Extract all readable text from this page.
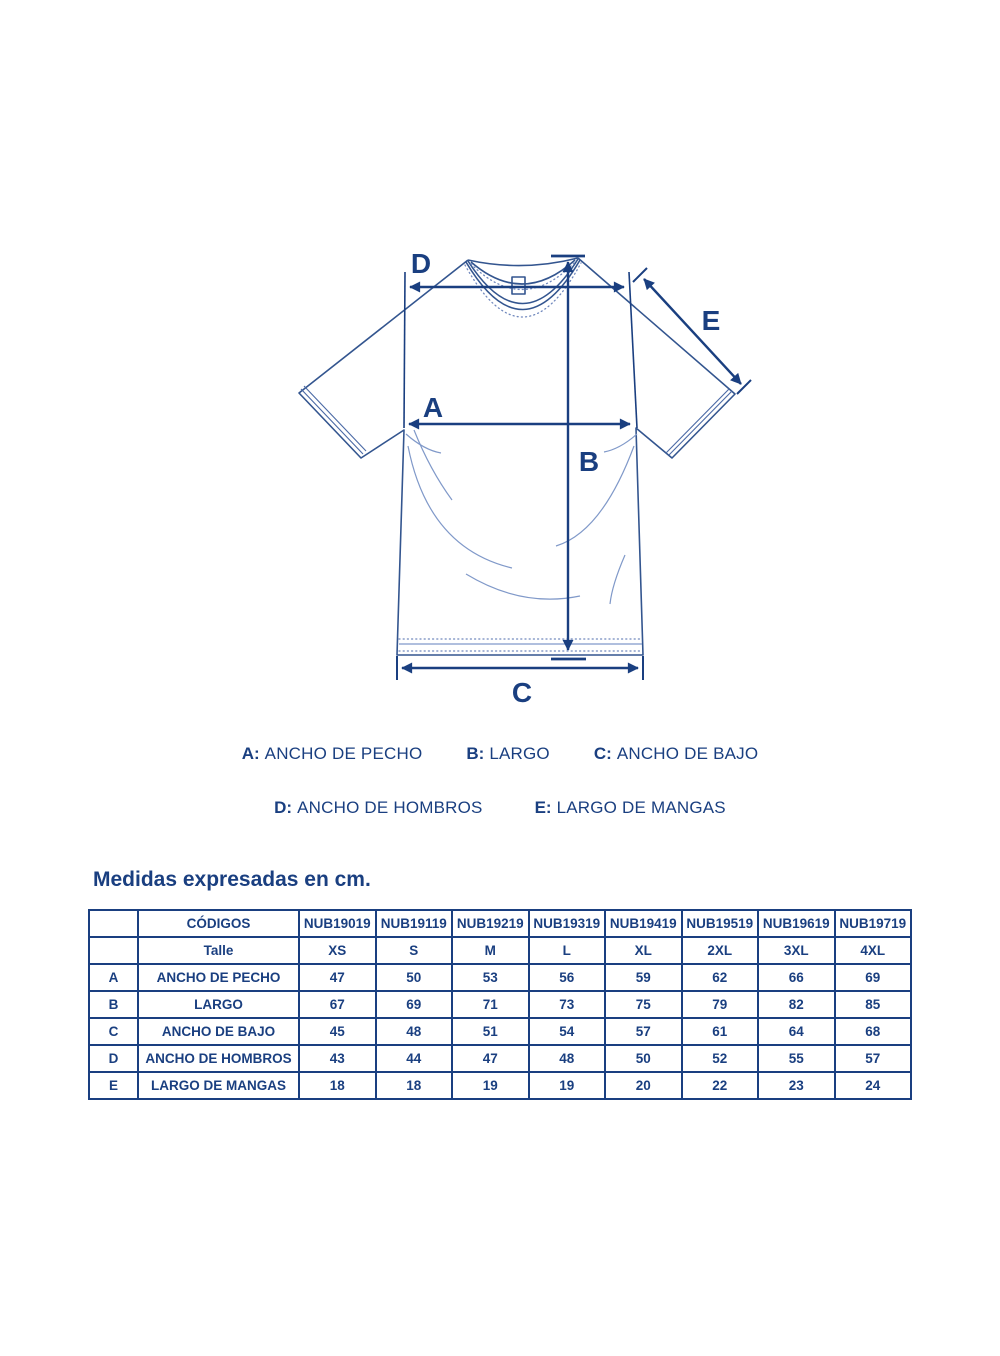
D
A
B
C
E
A: ANCHO DE PECHO	B: LARGO	C: ANCHO DE BAJO
D: ANCHO DE HOMBROS	E: LARGO DE MANGAS
Medidas expresadas en cm.
	CÓDIGOS	NUB19019	NUB19119	NUB19219	NUB19319	NUB19419	NUB19519	NUB19619	NUB19719
	Talle	XS	S	M	L	XL	2XL	3XL	4XL
A	ANCHO DE PECHO	47	50	53	56	59	62	66	69
B	LARGO	67	69	71	73	75	79	82	85
C	ANCHO DE BAJO	45	48	51	54	57	61	64	68
D	ANCHO DE HOMBROS	43	44	47	48	50	52	55	57
E	LARGO DE MANGAS	18	18	19	19	20	22	23	24
